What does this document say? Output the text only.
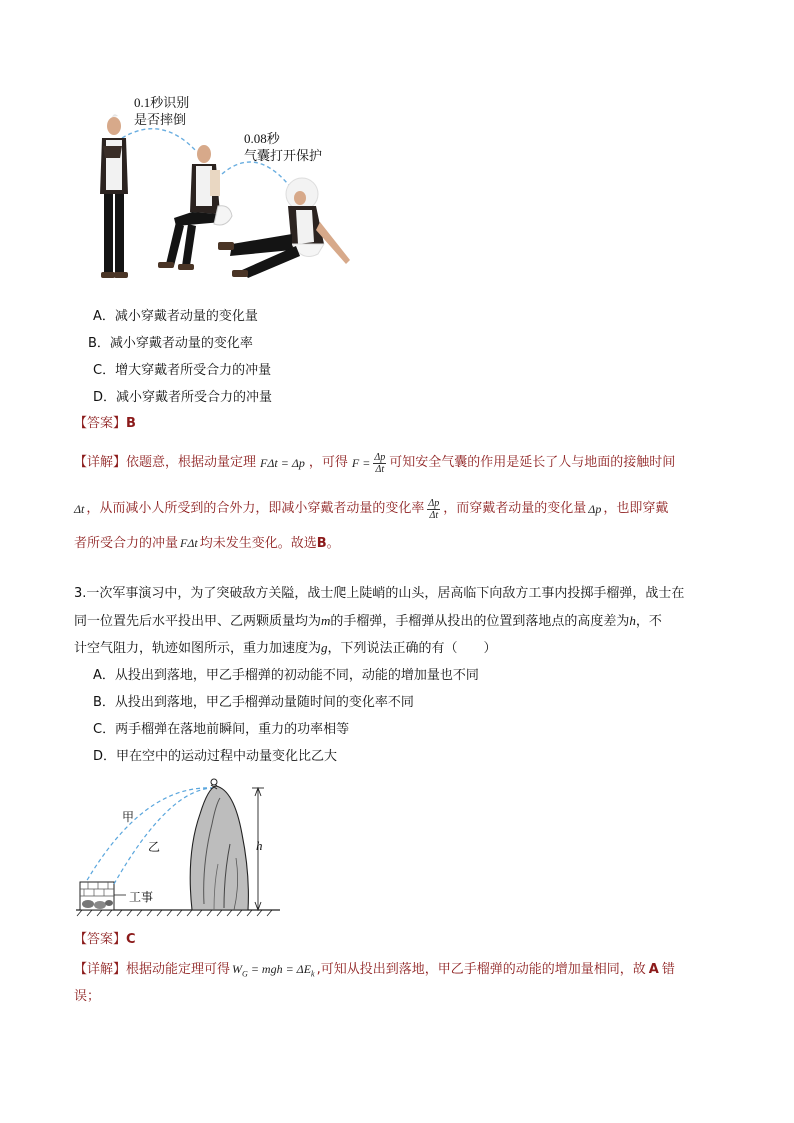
0.1秒识别
是否摔倒
0.08秒
气囊打开保护
A．减小穿戴者动量的变化量
B．减小穿戴者动量的变化率
C．增大穿戴者所受合力的冲量
D．减小穿戴者所受合力的冲量
【答案】B
【详解】 依题意，根据动量定理 FΔt = Δp ，可得 $F = \frac{\Delta p}{\Delta t}$ 可知安全气囊的作用是延长了人与地面的接触时间
Δt ，从而减小人所受到的合外力，即减小穿戴者动量的变化率 $\frac{\Delta p}{\Delta t}$ ，而穿戴者动量的变化量 Δp ，也即穿戴
者所受合力的冲量 FΔt 均未发生变化。故选B。
3.一次军事演习中，为了突破敌方关隘，战士爬上陡峭的山头，居高临下向敌方工事内投掷手榴弹，战士在
同一位置先后水平投出甲、乙两颗质量均为m的手榴弹，手榴弹从投出的位置到落地点的高度差为h，不
计空气阻力，轨迹如图所示，重力加速度为g，下列说法正确的有（　　）
A．从投出到落地，甲乙手榴弹的初动能不同，动能的增加量也不同
B．从投出到落地，甲乙手榴弹动量随时间的变化率不同
C．两手榴弹在落地前瞬间，重力的功率相等
D．甲在空中的运动过程中动量变化比乙大
甲
乙	h
工事
【答案】C
【详解】根据动能定理可得 $W_G$ = mgh = $\Delta E_k$ ,可知从投出到落地，甲乙手榴弹的动能的增加量相同，故 A 错
误；
